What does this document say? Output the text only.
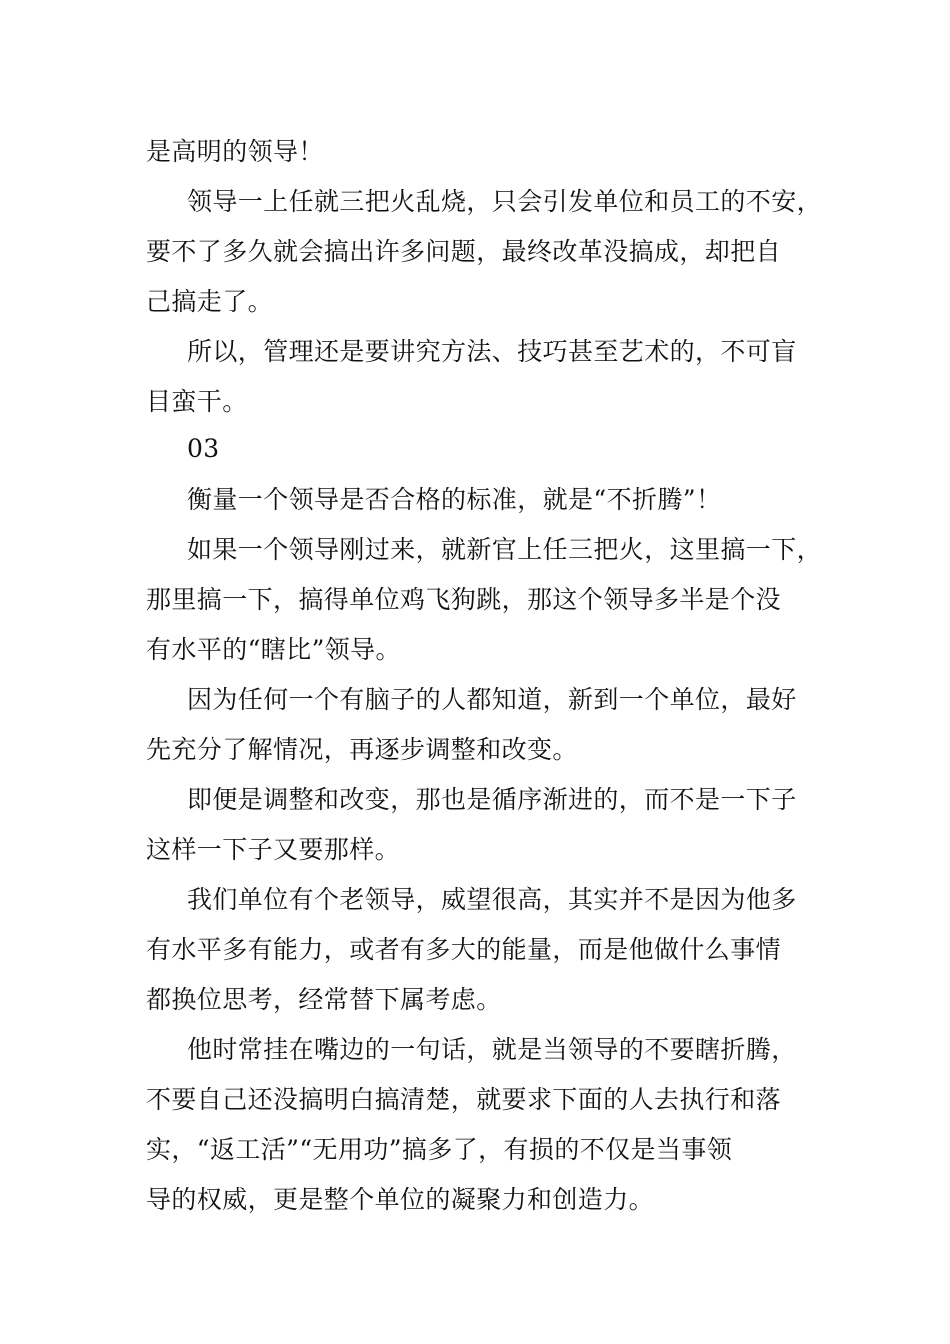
是高明的领导！

领导一上任就三把火乱烧，只会引发单位和员工的不安，

要不了多久就会搞出许多问题，最终改革没搞成，却把自

己搞走了。

所以，管理还是要讲究方法、技巧甚至艺术的，不可盲

目蛮干。

03

衡量一个领导是否合格的标准，就是“不折腾”！

如果一个领导刚过来，就新官上任三把火，这里搞一下，

那里搞一下，搞得单位鸡飞狗跳，那这个领导多半是个没

有水平的“瞎比”领导。

因为任何一个有脑子的人都知道，新到一个单位，最好

先充分了解情况，再逐步调整和改变。

即便是调整和改变，那也是循序渐进的，而不是一下子

这样一下子又要那样。

我们单位有个老领导，威望很高，其实并不是因为他多

有水平多有能力，或者有多大的能量，而是他做什么事情

都换位思考，经常替下属考虑。

他时常挂在嘴边的一句话，就是当领导的不要瞎折腾，

不要自己还没搞明白搞清楚，就要求下面的人去执行和落

实，“返工活”“无用功”搞多了，有损的不仅是当事领

导的权威，更是整个单位的凝聚力和创造力。
